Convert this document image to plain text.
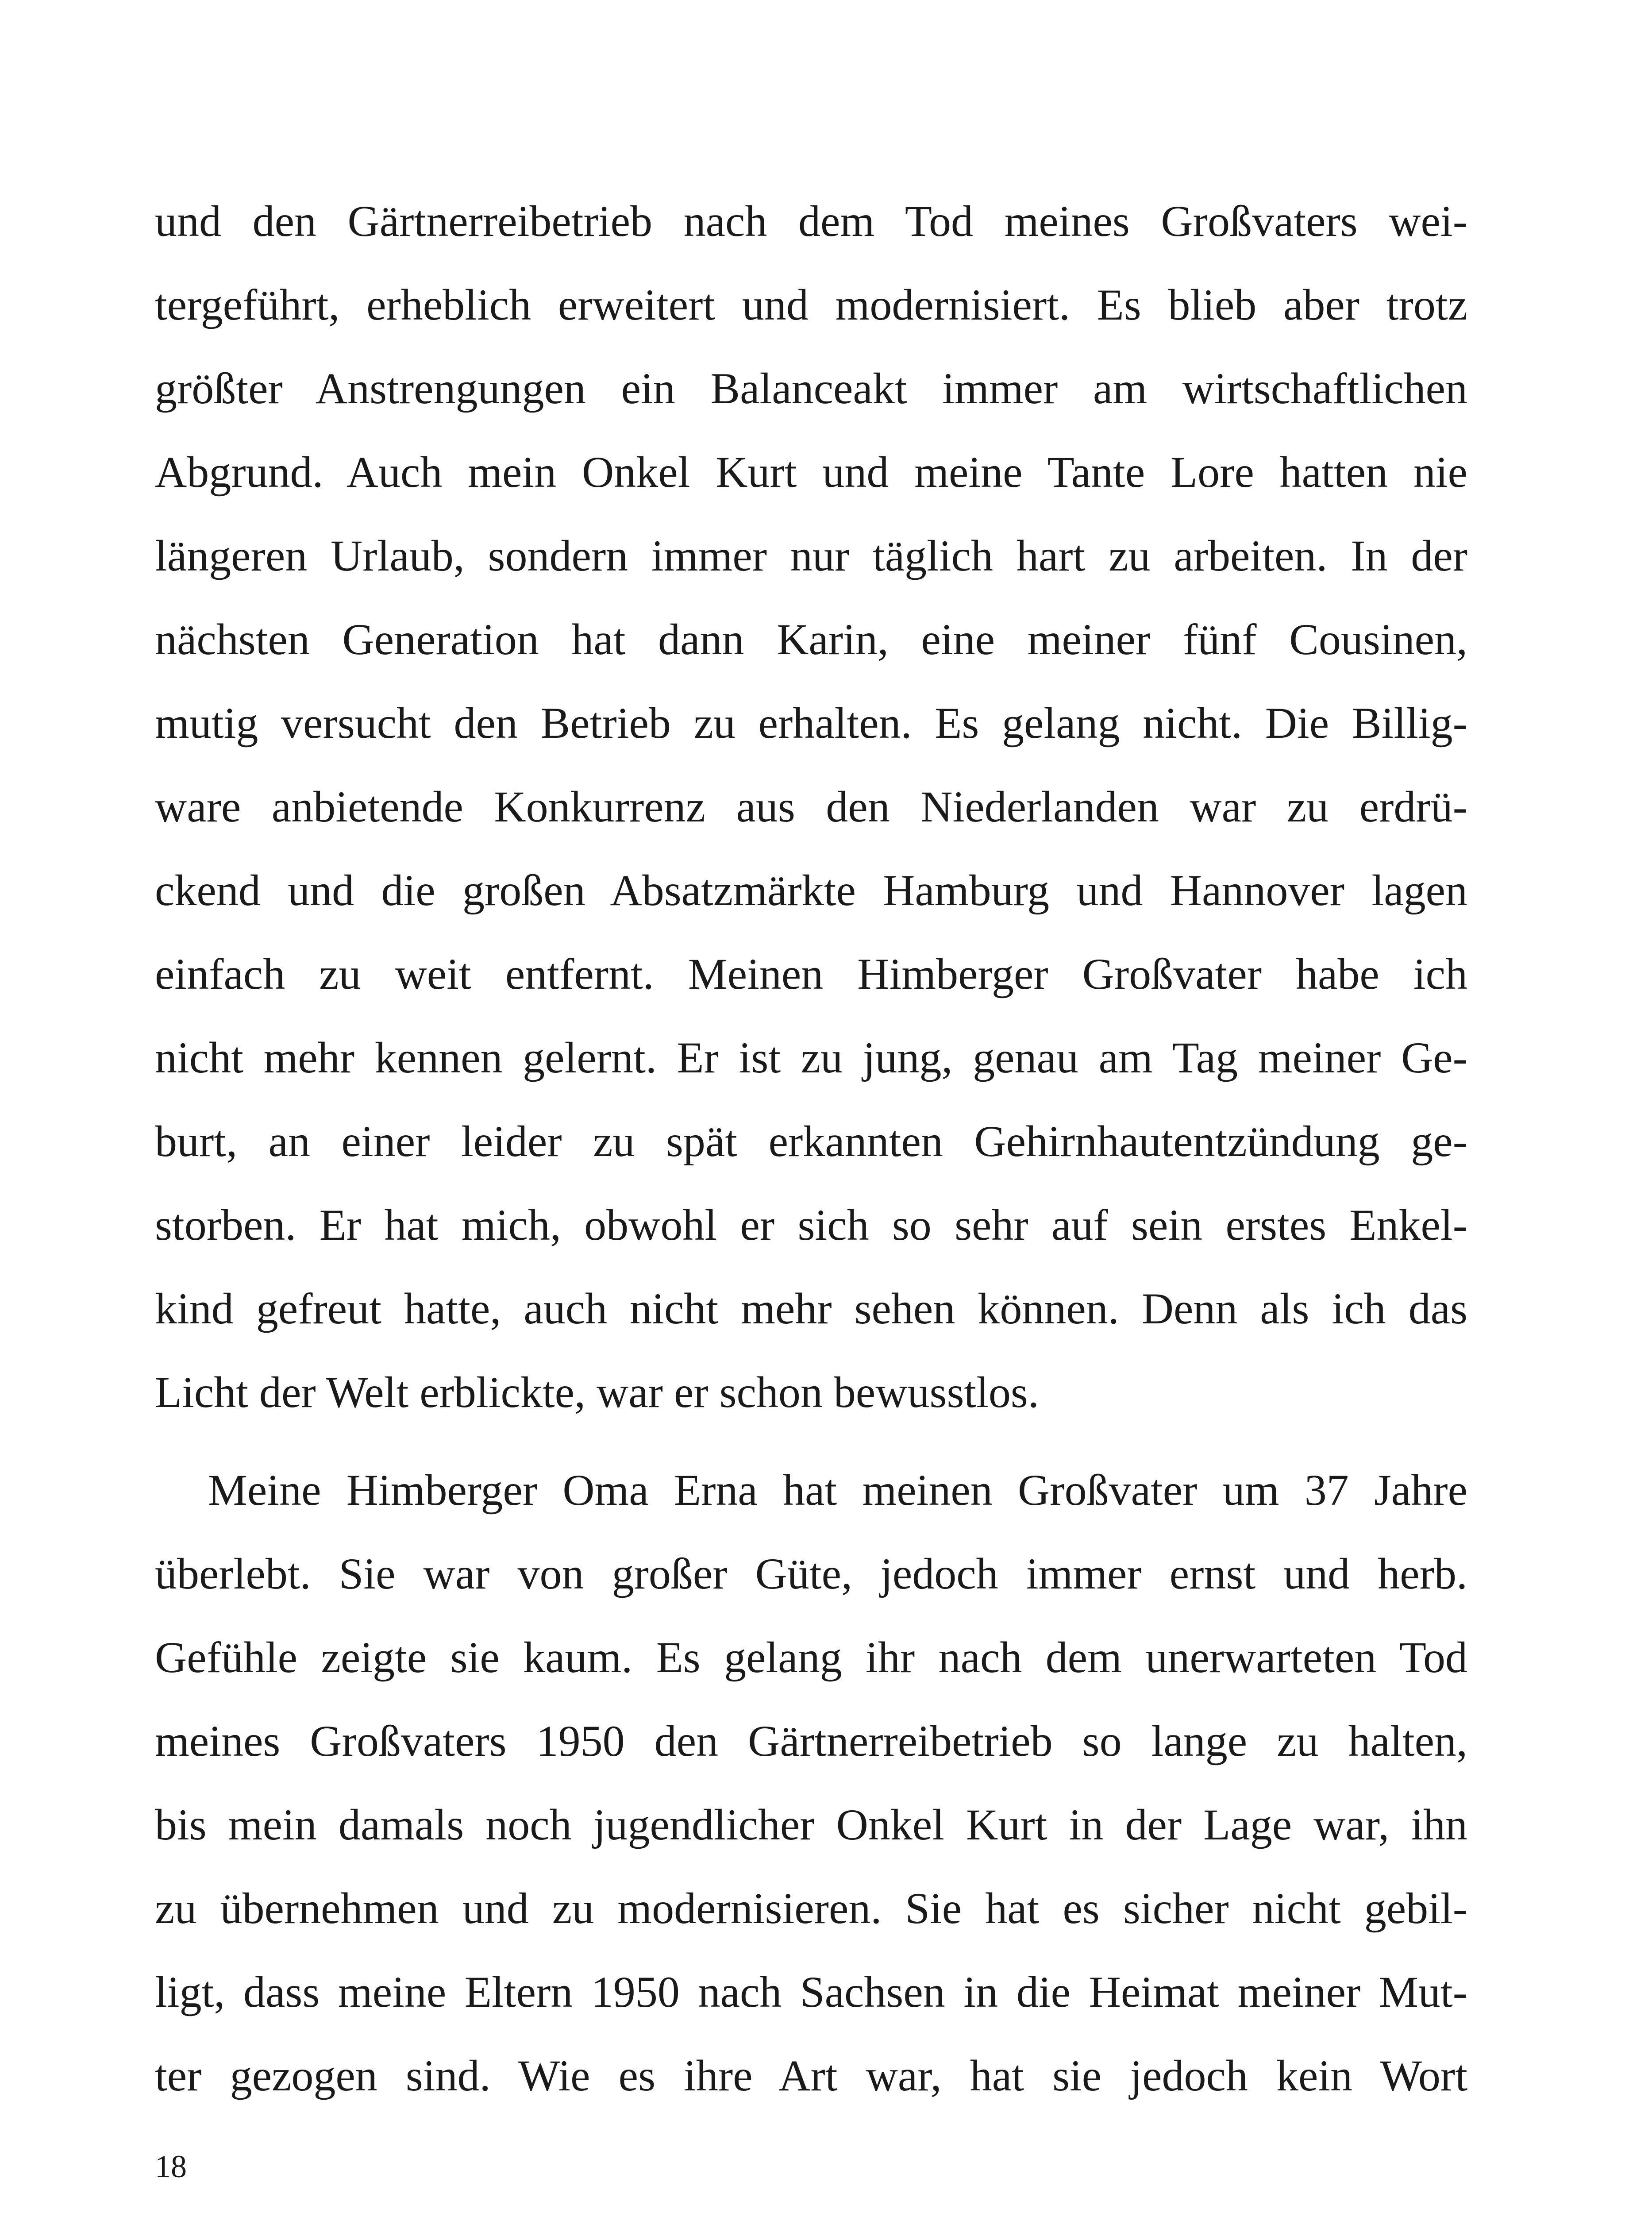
und den Gärtnerreibetrieb nach dem Tod meines Großvaters wei-
tergeführt, erheblich erweitert und modernisiert. Es blieb aber trotz
größter Anstrengungen ein Balanceakt immer am wirtschaftlichen
Abgrund. Auch mein Onkel Kurt und meine Tante Lore hatten nie
längeren Urlaub, sondern immer nur täglich hart zu arbeiten. In der
nächsten Generation hat dann Karin, eine meiner fünf Cousinen,
mutig versucht den Betrieb zu erhalten. Es gelang nicht. Die Billig-
ware anbietende Konkurrenz aus den Niederlanden war zu erdrü-
ckend und die großen Absatzmärkte Hamburg und Hannover lagen
einfach zu weit entfernt. Meinen Himberger Großvater habe ich
nicht mehr kennen gelernt. Er ist zu jung, genau am Tag meiner Ge-
burt, an einer leider zu spät erkannten Gehirnhautentzündung ge-
storben. Er hat mich, obwohl er sich so sehr auf sein erstes Enkel-
kind gefreut hatte, auch nicht mehr sehen können. Denn als ich das
Licht der Welt erblickte, war er schon bewusstlos.
Meine Himberger Oma Erna hat meinen Großvater um 37 Jahre
überlebt. Sie war von großer Güte, jedoch immer ernst und herb.
Gefühle zeigte sie kaum. Es gelang ihr nach dem unerwarteten Tod
meines Großvaters 1950 den Gärtnerreibetrieb so lange zu halten,
bis mein damals noch jugendlicher Onkel Kurt in der Lage war, ihn
zu übernehmen und zu modernisieren. Sie hat es sicher nicht gebil-
ligt, dass meine Eltern 1950 nach Sachsen in die Heimat meiner Mut-
ter gezogen sind. Wie es ihre Art war, hat sie jedoch kein Wort
18
